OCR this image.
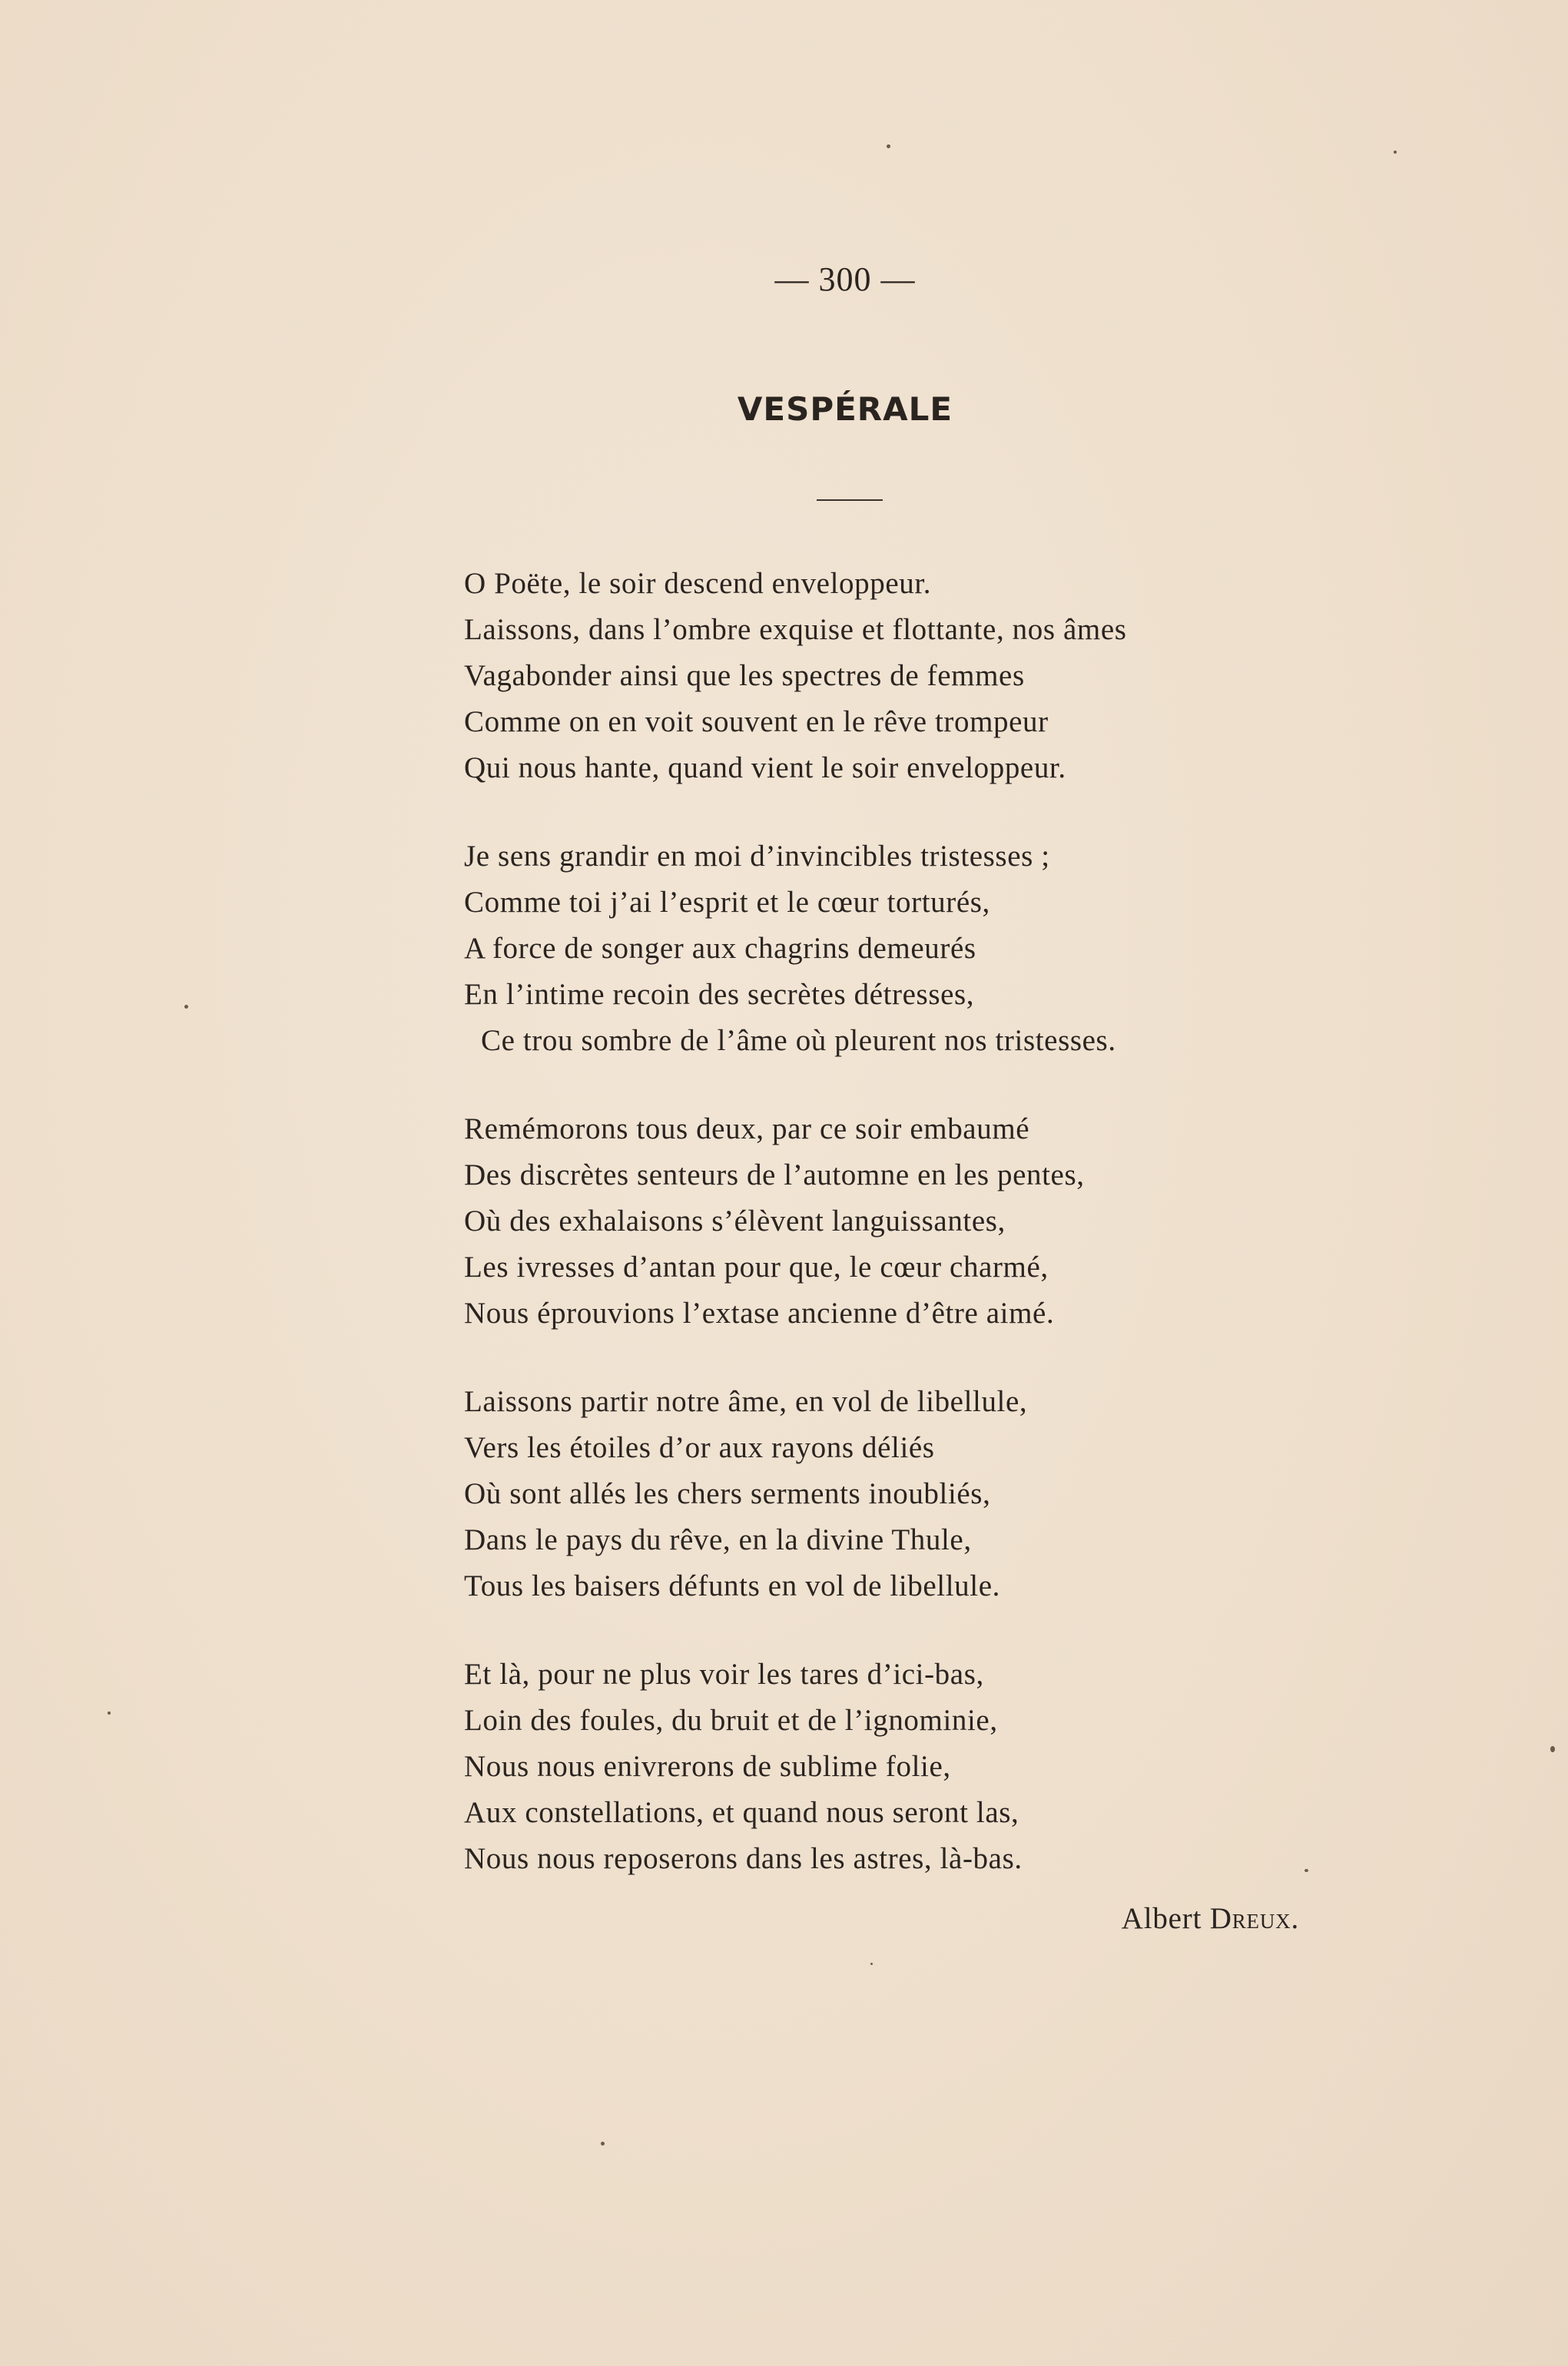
— 300 —
VESPÉRALE
O Poëte, le soir descend enveloppeur.
Laissons, dans l’ombre exquise et flottante, nos âmes
Vagabonder ainsi que les spectres de femmes
Comme on en voit souvent en le rêve trompeur
Qui nous hante, quand vient le soir enveloppeur.
Je sens grandir en moi d’invincibles tristesses ;
Comme toi j’ai l’esprit et le cœur torturés,
A force de songer aux chagrins demeurés
En l’intime recoin des secrètes détresses,
Ce trou sombre de l’âme où pleurent nos tristesses.
Remémorons tous deux, par ce soir embaumé
Des discrètes senteurs de l’automne en les pentes,
Où des exhalaisons s’élèvent languissantes,
Les ivresses d’antan pour que, le cœur charmé,
Nous éprouvions l’extase ancienne d’être aimé.
Laissons partir notre âme, en vol de libellule,
Vers les étoiles d’or aux rayons déliés
Où sont allés les chers serments inoubliés,
Dans le pays du rêve, en la divine Thule,
Tous les baisers défunts en vol de libellule.
Et là, pour ne plus voir les tares d’ici-bas,
Loin des foules, du bruit et de l’ignominie,
Nous nous enivrerons de sublime folie,
Aux constellations, et quand nous seront las,
Nous nous reposerons dans les astres, là-bas.
Albert Dreux.
